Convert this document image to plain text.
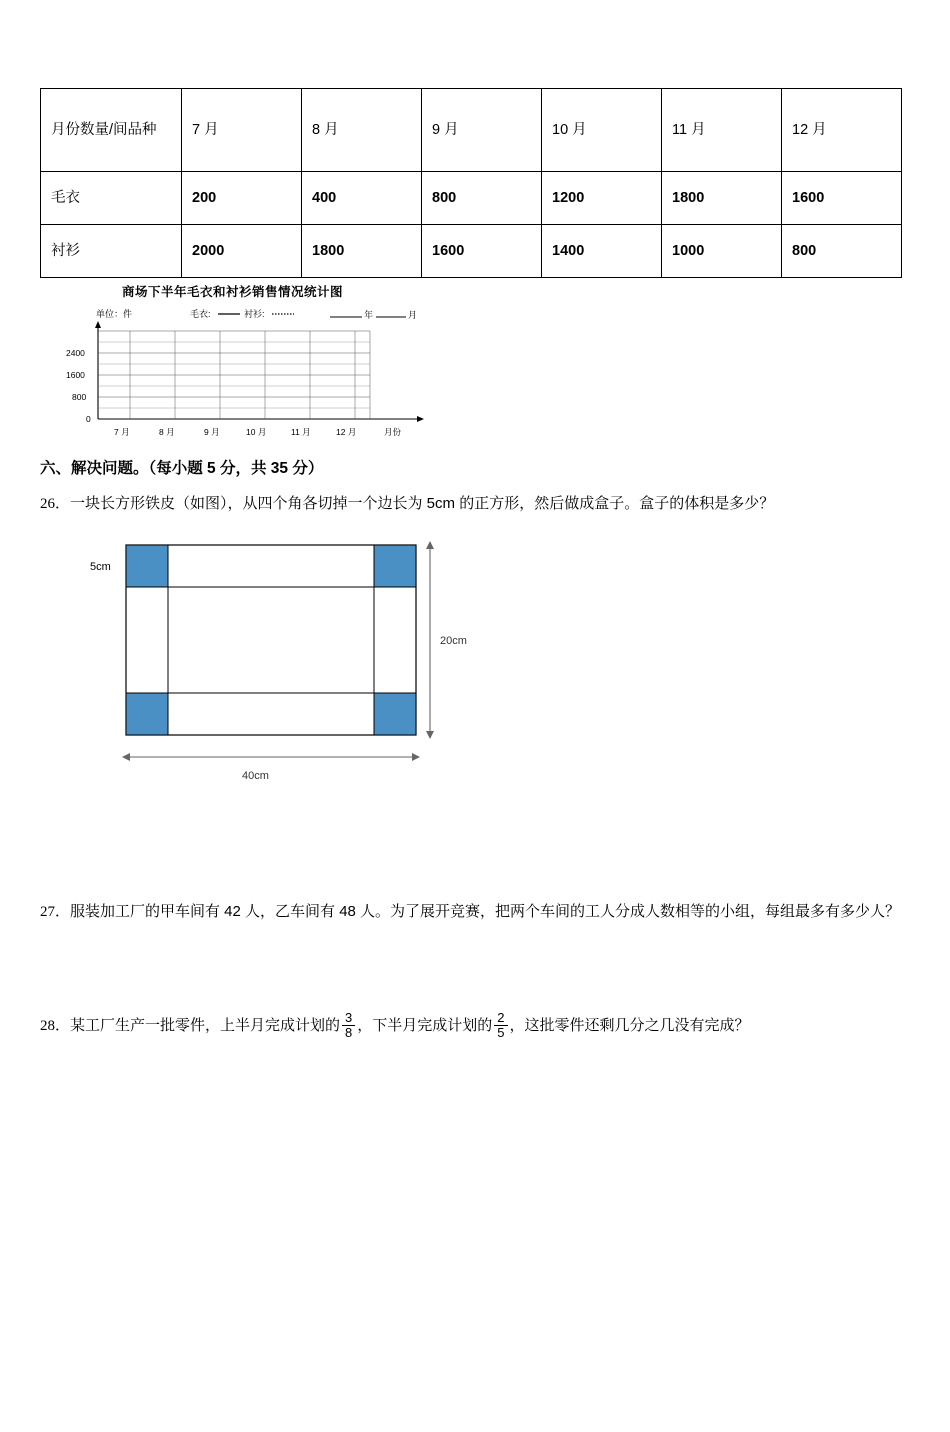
月份数量/间品种	7 月	8 月	9 月	10 月	11 月	12 月
毛衣	200	400	800	1200	1800	1600
衬衫	2000	1800	1600	1400	1000	800
商场下半年毛衣和衬衫销售情况统计图
单位：件	毛衣:	衬衫:	年	月
2400
1600
800
0
7 月	8 月	9 月	10 月	11 月	12 月	月份
六、解决问题。（每小题 5 分，共 35 分）
26．一块长方形铁皮（如图），从四个角各切掉一个边长为 5cm 的正方形，然后做成盒子。盒子的体积是多少？
5cm
20cm
40cm
27．服装加工厂的甲车间有 42 人，乙车间有 48 人。为了展开竞赛，把两个车间的工人分成人数相等的小组，每组最多有多少人？
28．某工厂生产一批零件，上半月完成计划的 $\frac{3}{8}$ ，下半月完成计划的 $\frac{2}{5}$ ，这批零件还剩几分之几没有完成？
